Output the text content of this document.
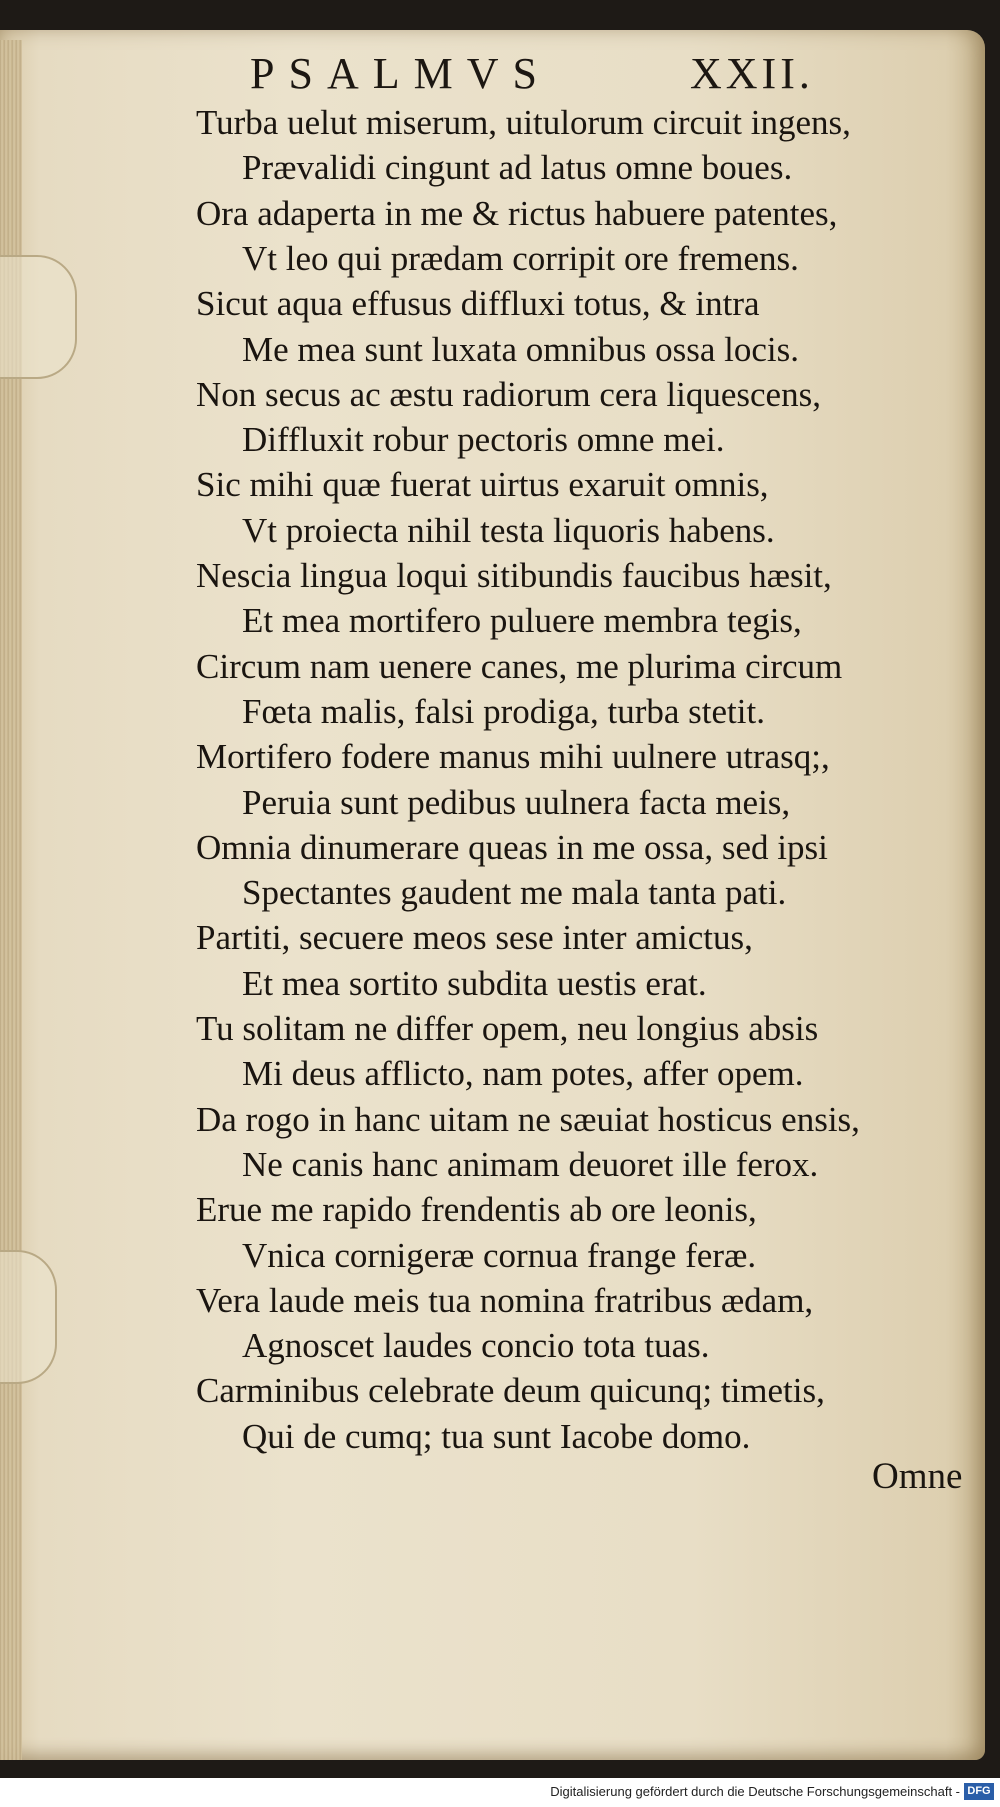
PSALMVS	XXII.
Turba uelut miserum, uitulorum circuit ingens,
Prævalidi cingunt ad latus omne boues.
Ora adaperta in me & rictus habuere patentes,
Vt leo qui prædam corripit ore fremens.
Sicut aqua effusus diffluxi totus, & intra
Me mea sunt luxata omnibus ossa locis.
Non secus ac æstu radiorum cera liquescens,
Diffluxit robur pectoris omne mei.
Sic mihi quæ fuerat uirtus exaruit omnis,
Vt proiecta nihil testa liquoris habens.
Nescia lingua loqui sitibundis faucibus hæsit,
Et mea mortifero puluere membra tegis,
Circum nam uenere canes, me plurima circum
Fœta malis, falsi prodiga, turba stetit.
Mortifero fodere manus mihi uulnere utrasq;,
Peruia sunt pedibus uulnera facta meis,
Omnia dinumerare queas in me ossa, sed ipsi
Spectantes gaudent me mala tanta pati.
Partiti, secuere meos sese inter amictus,
Et mea sortito subdita uestis erat.
Tu solitam ne differ opem, neu longius absis
Mi deus afflicto, nam potes, affer opem.
Da rogo in hanc uitam ne sæuiat hosticus ensis,
Ne canis hanc animam deuoret ille ferox.
Erue me rapido frendentis ab ore leonis,
Vnica cornigeræ cornua frange feræ.
Vera laude meis tua nomina fratribus ædam,
Agnoscet laudes concio tota tuas.
Carminibus celebrate deum quicunq; timetis,
Qui de cumq; tua sunt Iacobe domo.
Omne
Digitalisierung gefördert durch die Deutsche Forschungsgemeinschaft - DFG
